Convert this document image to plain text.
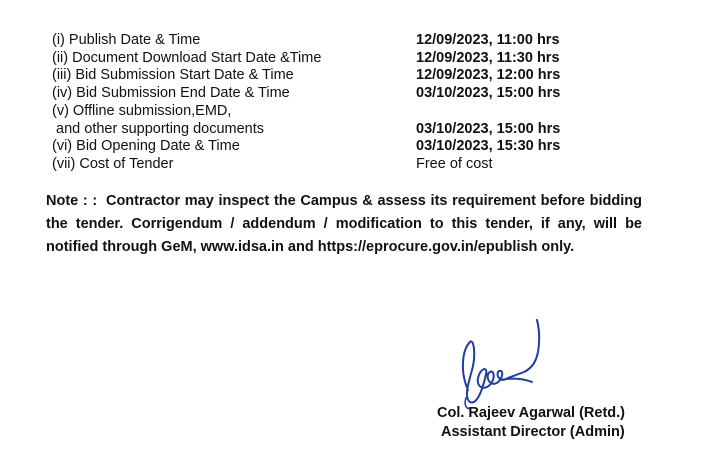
(i) Publish Date & Time	12/09/2023, 11:00 hrs
(ii) Document Download Start Date &Time	12/09/2023, 11:30 hrs
(iii) Bid Submission Start Date & Time	12/09/2023, 12:00 hrs
(iv) Bid Submission End Date & Time	03/10/2023, 15:00 hrs
(v) Offline submission,EMD,
and other supporting documents	03/10/2023, 15:00 hrs
(vi) Bid Opening Date & Time	03/10/2023, 15:30 hrs
(vii) Cost of Tender	Free of cost

Note : : Contractor may inspect the Campus & assess its requirement before bidding the tender. Corrigendum / addendum / modification to this tender, if any, will be notified through GeM, www.idsa.in and https://eprocure.gov.in/epublish only.

Col. Rajeev Agarwal (Retd.)
Assistant Director (Admin)
